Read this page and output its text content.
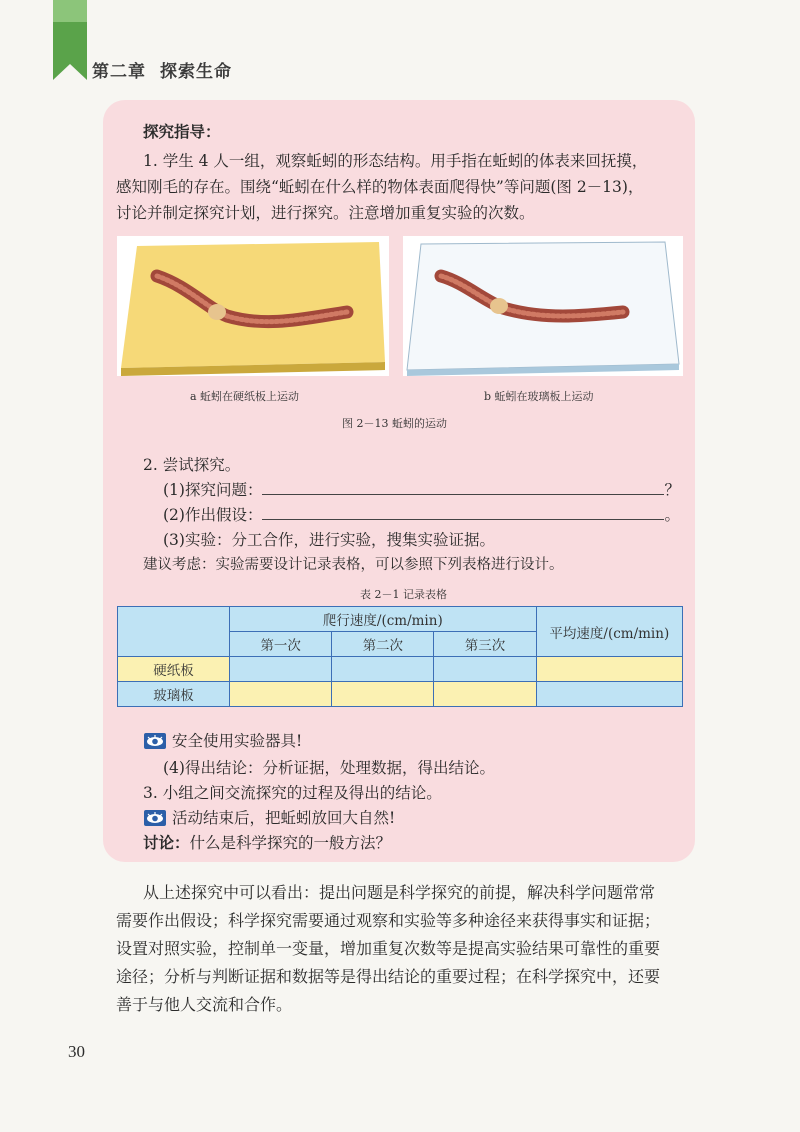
第二章 探索生命
探究指导：
1. 学生 4 人一组，观察蚯蚓的形态结构。用手指在蚯蚓的体表来回抚摸，
感知刚毛的存在。围绕“蚯蚓在什么样的物体表面爬得快”等问题(图 2－13)，
讨论并制定探究计划，进行探究。注意增加重复实验的次数。
a 蚯蚓在硬纸板上运动	b 蚯蚓在玻璃板上运动
图 2－13 蚯蚓的运动
2. 尝试探究。
(1)探究问题：	？
(2)作出假设：	。
(3)实验：分工合作，进行实验，搜集实验证据。
建议考虑：实验需要设计记录表格，可以参照下列表格进行设计。
表 2－1 记录表格
	爬行速度/(cm/min)			平均速度/(cm/min)
	第一次	第二次	第三次	
硬纸板				
玻璃板				
安全使用实验器具!
(4)得出结论：分析证据，处理数据，得出结论。
3. 小组之间交流探究的过程及得出的结论。
活动结束后，把蚯蚓放回大自然!
讨论：什么是科学探究的一般方法？
从上述探究中可以看出：提出问题是科学探究的前提，解决科学问题常常
需要作出假设；科学探究需要通过观察和实验等多种途径来获得事实和证据；
设置对照实验，控制单一变量，增加重复次数等是提高实验结果可靠性的重要
途径；分析与判断证据和数据等是得出结论的重要过程；在科学探究中，还要
善于与他人交流和合作。
30
